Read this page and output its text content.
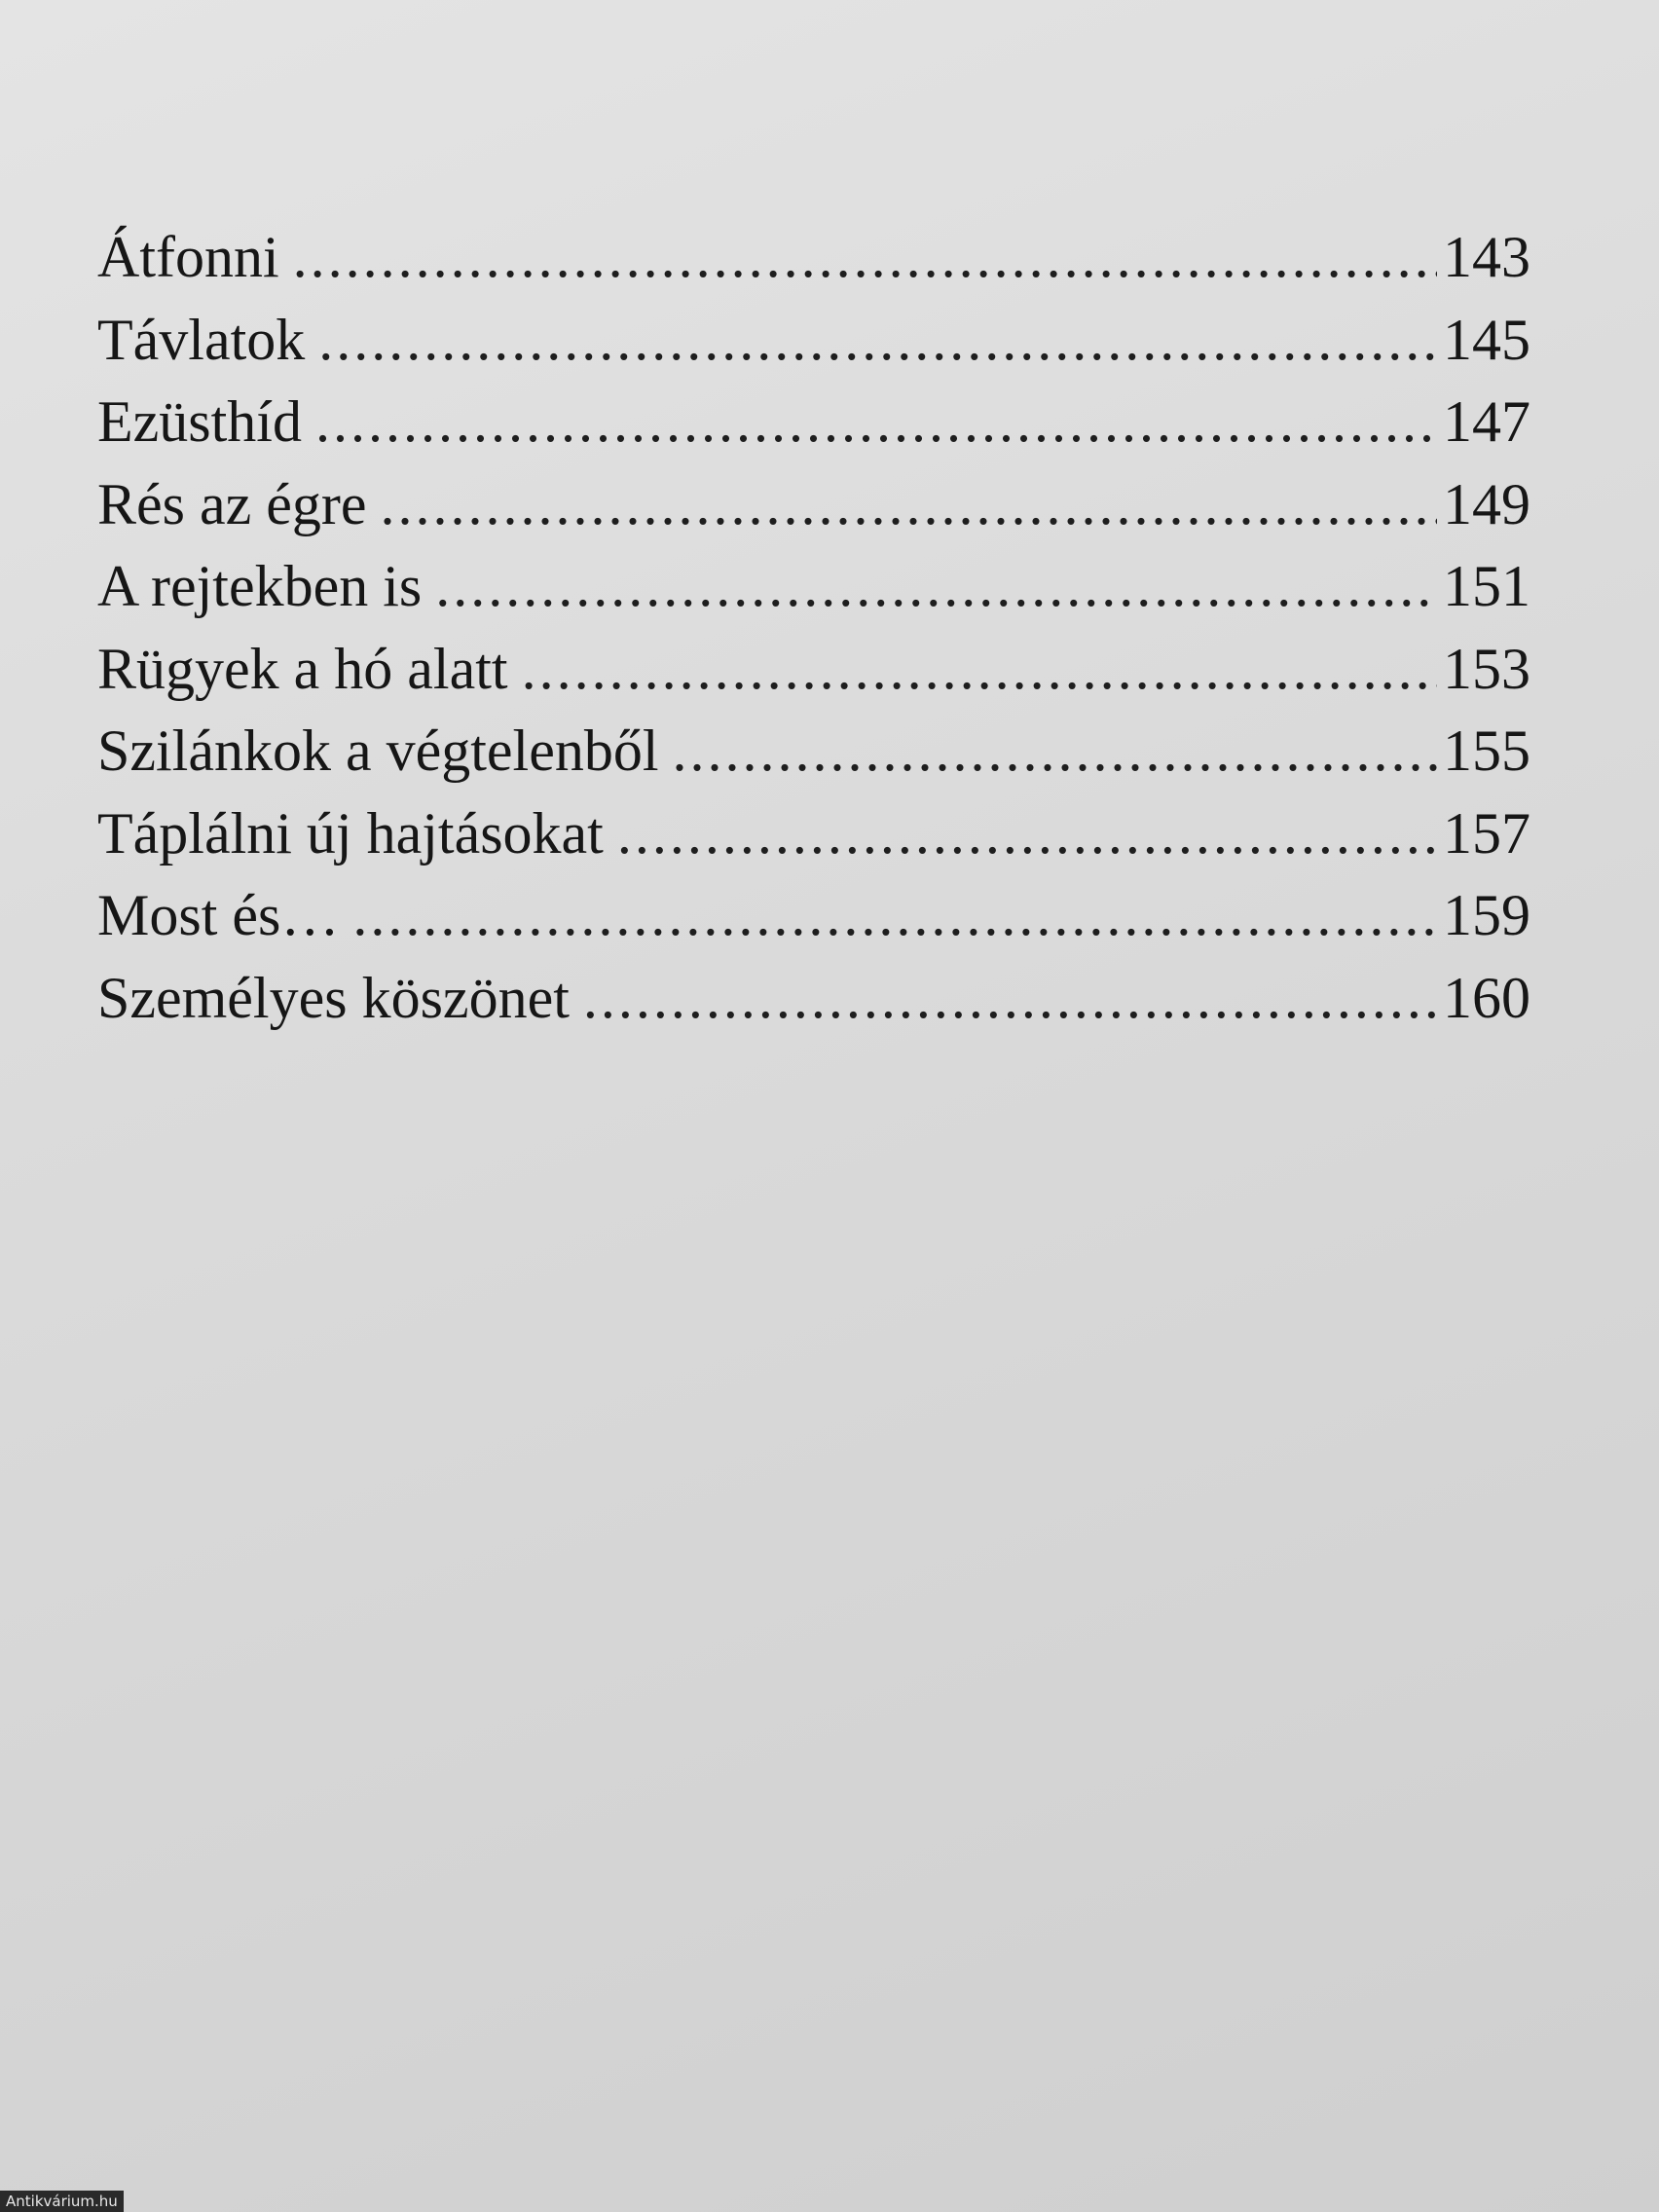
Átfonni .....	143
Távlatok .....	145
Ezüsthíd .....	147
Rés az égre .....	149
A rejtekben is .....	151
Rügyek a hó alatt .....	153
Szilánkok a végtelenből .....	155
Táplálni új hajtásokat .....	157
Most és… .....	159
Személyes köszönet .....	160
Antikvárium.hu
